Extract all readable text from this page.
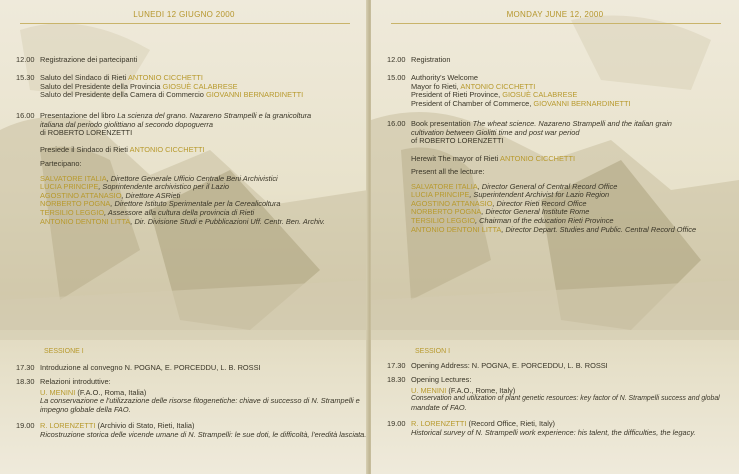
LUNEDI 12 GIUGNO 2000
12.00 Registrazione dei partecipanti
15.30 Saluto del Sindaco di Rieti ANTONIO CICCHETTI
Saluto del Presidente della Provincia GIOSUÈ CALABRESE
Saluto del Presidente della Camera di Commercio GIOVANNI BERNARDINETTI
16.00 Presentazione del libro La scienza del grano. Nazareno Strampelli e la granicoltura
italiana dal periodo giolittiano al secondo dopoguerra
di ROBERTO LORENZETTI
Presiede il Sindaco di Rieti ANTONIO CICCHETTI
Partecipano:
SALVATORE ITALIA, Direttore Generale Ufficio Centrale Beni Archivistici
LUCIA PRINCIPE, Soprintendente archivistico per il Lazio
AGOSTINO ATTANASIO, Direttore ASRieti
NORBERTO POGNA, Direttore Istituto Sperimentale per la Cerealicoltura
TERSILIO LEGGIO, Assessore alla cultura della provincia di Rieti
ANTONIO DENTONI LITTA, Dir. Divisione Studi e Pubblicazioni Uff. Centr. Ben. Archiv.
SESSIONE I
17.30 Introduzione al convegno N. POGNA, E. PORCEDDU, L. B. ROSSI
18.30 Relazioni introduttive:
U. MENINI (F.A.O., Roma, Italia)
La conservazione e l'utilizzazione delle risorse fitogenetiche: chiave di successo di N. Strampelli e
impegno globale della FAO.
19.00 R. LORENZETTI (Archivio di Stato, Rieti, Italia)
Ricostruzione storica delle vicende umane di N. Strampelli: le sue doti, le difficoltà, l'eredità lasciata.
MONDAY JUNE 12, 2000
12.00 Registration
15.00 Authority's Welcome
Mayor fo Rieti, ANTONIO CICCHETTI
President of Rieti Province, GIOSUÈ CALABRESE
President of Chamber of Commerce, GIOVANNI BERNARDINETTI
16.00 Book presentation The wheat science. Nazareno Strampelli and the italian grain
cultivation between Giolitti time and post war period
of ROBERTO LORENZETTI
Herewit The mayor of Rieti ANTONIO CICCHETTI
Present all the lecture:
SALVATORE ITALIA, Director General of Central Record Office
LUCIA PRINCIPE, Superintendent Archivist for Lazio Region
AGOSTINO ATTANASIO, Director Rieti Record Office
NORBERTO POGNA, Director General Institute Rome
TERSILIO LEGGIO, Chairman of the education Rieti Province
ANTONIO DENTONI LITTA, Director Depart. Studies and Public. Central Record Office
SESSION I
17.30 Opening Address: N. POGNA, E. PORCEDDU, L. B. ROSSI
18.30 Opening Lectures:
U. MENINI (F.A.O., Rome, Italy)
Conservation and utilization of plant genetic resources: key factor of N. Strampelli success and global
mandate of FAO.
19.00 R. LORENZETTI (Record Office, Rieti, Italy)
Historical survey of N. Strampelli work experience: his talent, the difficulties, the legacy.
